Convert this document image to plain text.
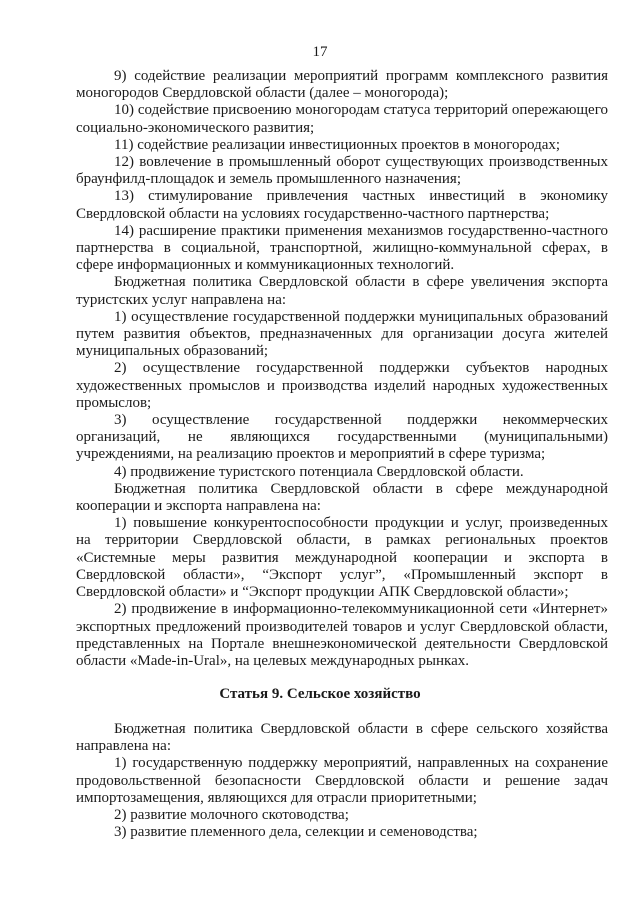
17

9) содействие реализации мероприятий программ комплексного развития моногородов Свердловской области (далее – моногорода);

10) содействие присвоению моногородам статуса территорий опережающего социально-экономического развития;

11) содействие реализации инвестиционных проектов в моногородах;

12) вовлечение в промышленный оборот существующих производственных браунфилд-площадок и земель промышленного назначения;

13) стимулирование привлечения частных инвестиций в экономику Свердловской области на условиях государственно-частного партнерства;

14) расширение практики применения механизмов государственно-частного партнерства в социальной, транспортной, жилищно-коммунальной сферах, в сфере информационных и коммуникационных технологий.

Бюджетная политика Свердловской области в сфере увеличения экспорта туристских услуг направлена на:

1) осуществление государственной поддержки муниципальных образований путем развития объектов, предназначенных для организации досуга жителей муниципальных образований;

2) осуществление государственной поддержки субъектов народных художественных промыслов и производства изделий народных художественных промыслов;

3) осуществление государственной поддержки некоммерческих организаций, не являющихся государственными (муниципальными) учреждениями, на реализацию проектов и мероприятий в сфере туризма;

4) продвижение туристского потенциала Свердловской области.

Бюджетная политика Свердловской области в сфере международной кооперации и экспорта направлена на:

1) повышение конкурентоспособности продукции и услуг, произведенных на территории Свердловской области, в рамках региональных проектов «Системные меры развития международной кооперации и экспорта в Свердловской области», “Экспорт услуг”, «Промышленный экспорт в Свердловской области» и “Экспорт продукции АПК Свердловской области»;

2) продвижение в информационно-телекоммуникационной сети «Интернет» экспортных предложений производителей товаров и услуг Свердловской области, представленных на Портале внешнеэкономической деятельности Свердловской области «Made-in-Ural», на целевых международных рынках.

Статья 9. Сельское хозяйство

Бюджетная политика Свердловской области в сфере сельского хозяйства направлена на:

1) государственную поддержку мероприятий, направленных на сохранение продовольственной безопасности Свердловской области и решение задач импортозамещения, являющихся для отрасли приоритетными;

2) развитие молочного скотоводства;

3) развитие племенного дела, селекции и семеноводства;
